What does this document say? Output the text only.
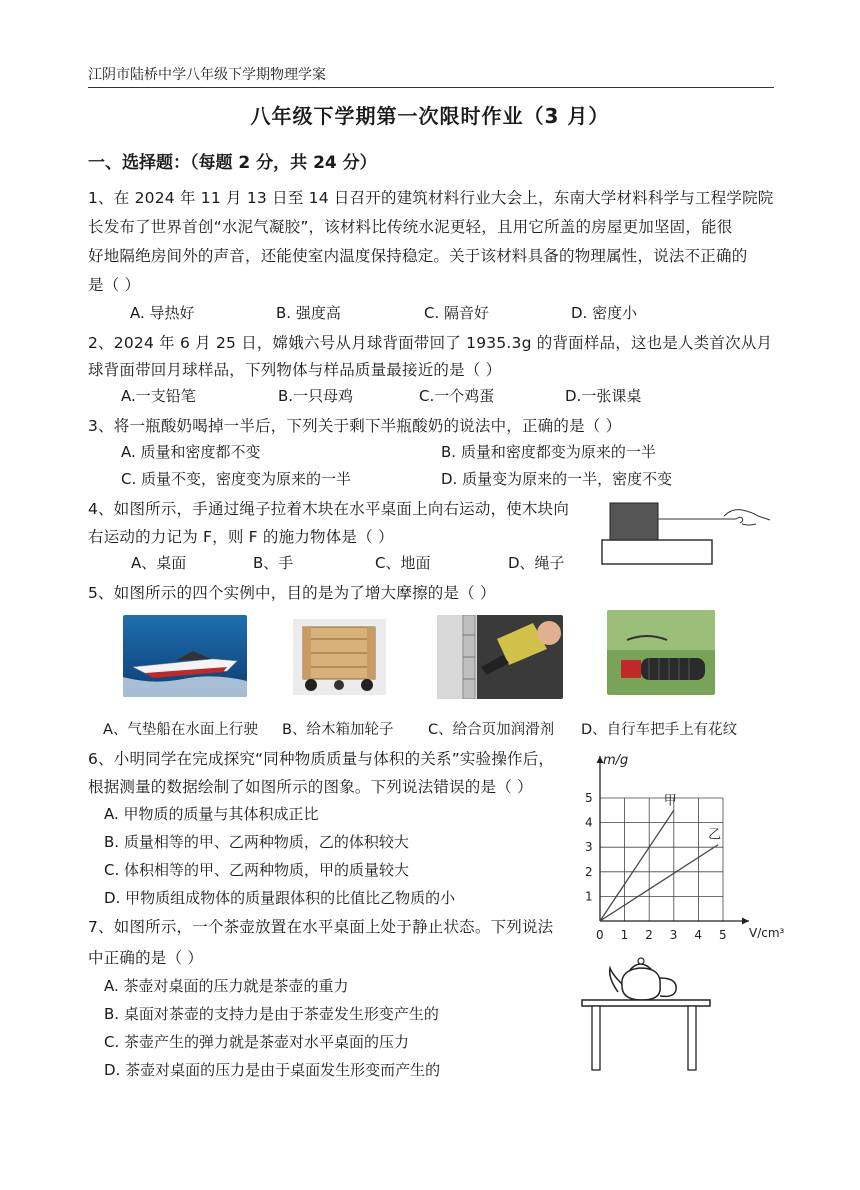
江阴市陆桥中学八年级下学期物理学案
八年级下学期第一次限时作业（3 月）
一、选择题：（每题 2 分，共 24 分）
1、在 2024 年 11 月 13 日至 14 日召开的建筑材料行业大会上，东南大学材料科学与工程学院院
长发布了世界首创“水泥气凝胶”，该材料比传统水泥更轻，且用它所盖的房屋更加坚固，能很
好地隔绝房间外的声音，还能使室内温度保持稳定。关于该材料具备的物理属性，说法不正确的
是（ ）
A. 导热好	B. 强度高	C. 隔音好	D. 密度小
2、2024 年 6 月 25 日，嫦娥六号从月球背面带回了 1935.3g 的背面样品，这也是人类首次从月
球背面带回月球样品，下列物体与样品质量最接近的是（ ）
A.一支铅笔	B.一只母鸡	C.一个鸡蛋	D.一张课桌
3、将一瓶酸奶喝掉一半后，下列关于剩下半瓶酸奶的说法中，正确的是（ ）
A. 质量和密度都不变	B. 质量和密度都变为原来的一半
C. 质量不变，密度变为原来的一半	D. 质量变为原来的一半，密度不变
4、如图所示，手通过绳子拉着木块在水平桌面上向右运动，使木块向
右运动的力记为 F，则 F 的施力物体是（ ）
A、桌面	B、手	C、地面	D、绳子
5、如图所示的四个实例中，目的是为了增大摩擦的是（ ）
A、气垫船在水面上行驶 B、给木箱加轮子 C、给合页加润滑剂 D、自行车把手上有花纹
6、小明同学在完成探究“同种物质质量与体积的关系”实验操作后，
根据测量的数据绘制了如图所示的图象。下列说法错误的是（ ）
A. 甲物质的质量与其体积成正比
B. 质量相等的甲、乙两种物质，乙的体积较大
C. 体积相等的甲、乙两种物质，甲的质量较大
D. 甲物质组成物体的质量跟体积的比值比乙物质的小
0 1 2 3 4 5
1
2
3
4
5	甲
乙
m/g
V/cm³
7、如图所示，一个茶壶放置在水平桌面上处于静止状态。下列说法
中正确的是（ ）
A. 茶壶对桌面的压力就是茶壶的重力
B. 桌面对茶壶的支持力是由于茶壶发生形变产生的
C. 茶壶产生的弹力就是茶壶对水平桌面的压力
D. 茶壶对桌面的压力是由于桌面发生形变而产生的
